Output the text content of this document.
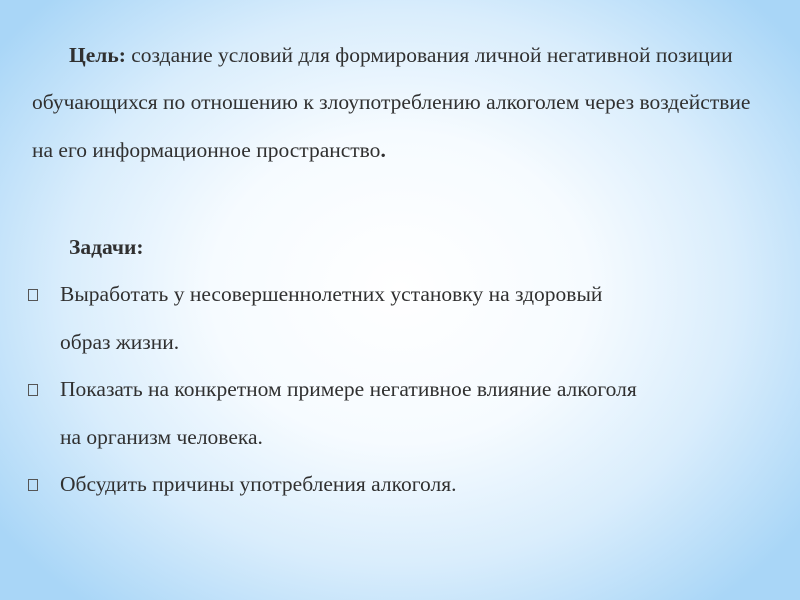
Цель: создание условий для формирования личной негативной позиции обучающихся по отношению к злоупотреблению алкоголем через воздействие на его информационное пространство.

Задачи:

Выработать у несовершеннолетних установку на здоровый
образ жизни.
Показать на конкретном примере негативное влияние алкоголя
на организм человека.
Обсудить причины употребления алкоголя.
